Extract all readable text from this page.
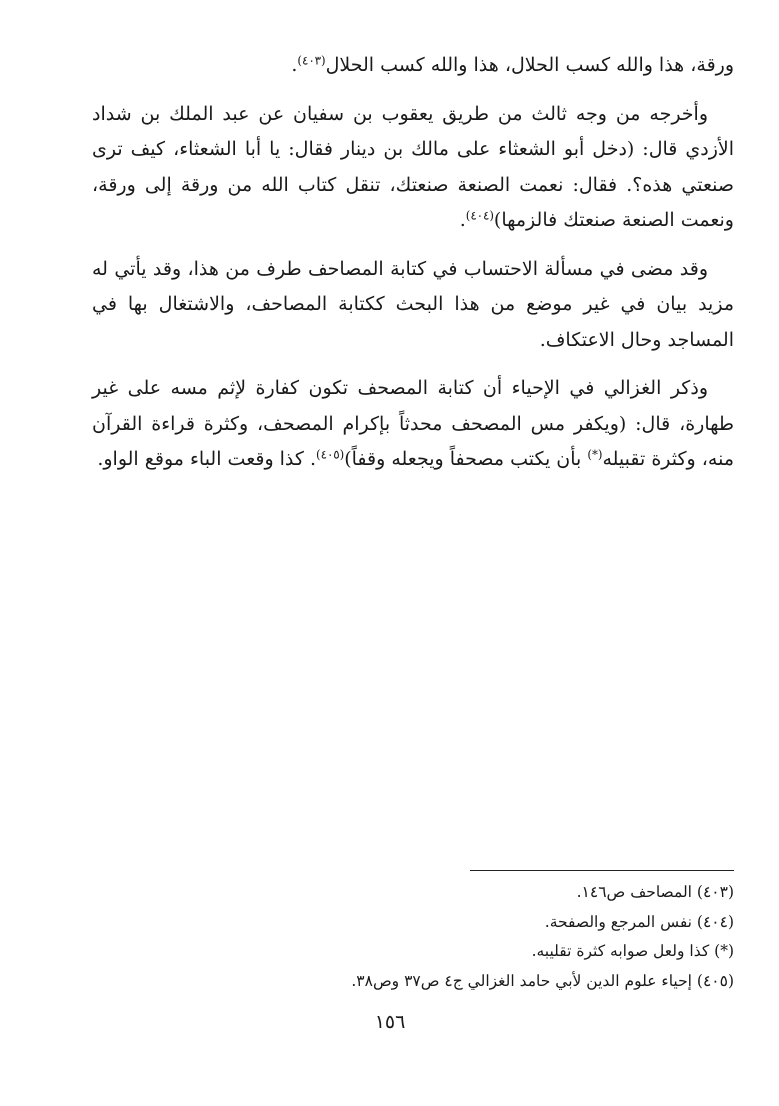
ورقة، هذا والله كسب الحلال، هذا والله كسب الحلال$^{(٤٠٣)}$.

وأخرجه من وجه ثالث من طريق يعقوب بن سفيان عن عبد الملك بن شداد الأزدي قال: (دخل أبو الشعثاء على مالك بن دينار فقال: يا أبا الشعثاء، كيف ترى صنعتي هذه؟. فقال: نعمت الصنعة صنعتك، تنقل كتاب الله من ورقة إلى ورقة، ونعمت الصنعة صنعتك فالزمها)$^{(٤٠٤)}$.

وقد مضى في مسألة الاحتساب في كتابة المصاحف طرف من هذا، وقد يأتي له مزيد بيان في غير موضع من هذا البحث ككتابة المصاحف، والاشتغال بها في المساجد وحال الاعتكاف.

وذكر الغزالي في الإحياء أن كتابة المصحف تكون كفارة لإثم مسه على غير طهارة، قال: (ويكفر مس المصحف محدثاً بإكرام المصحف، وكثرة قراءة القرآن منه، وكثرة تقبيله(*) بأن يكتب مصحفاً ويجعله وقفاً)$^{(٤٠٥)}$. كذا وقعت الباء موقع الواو.

(٤٠٣) المصاحف ص١٤٦.
(٤٠٤) نفس المرجع والصفحة.
(*) كذا ولعل صوابه كثرة تقليبه.
(٤٠٥) إحياء علوم الدين لأبي حامد الغزالي ج٤ ص٣٧ وص٣٨.
١٥٦
